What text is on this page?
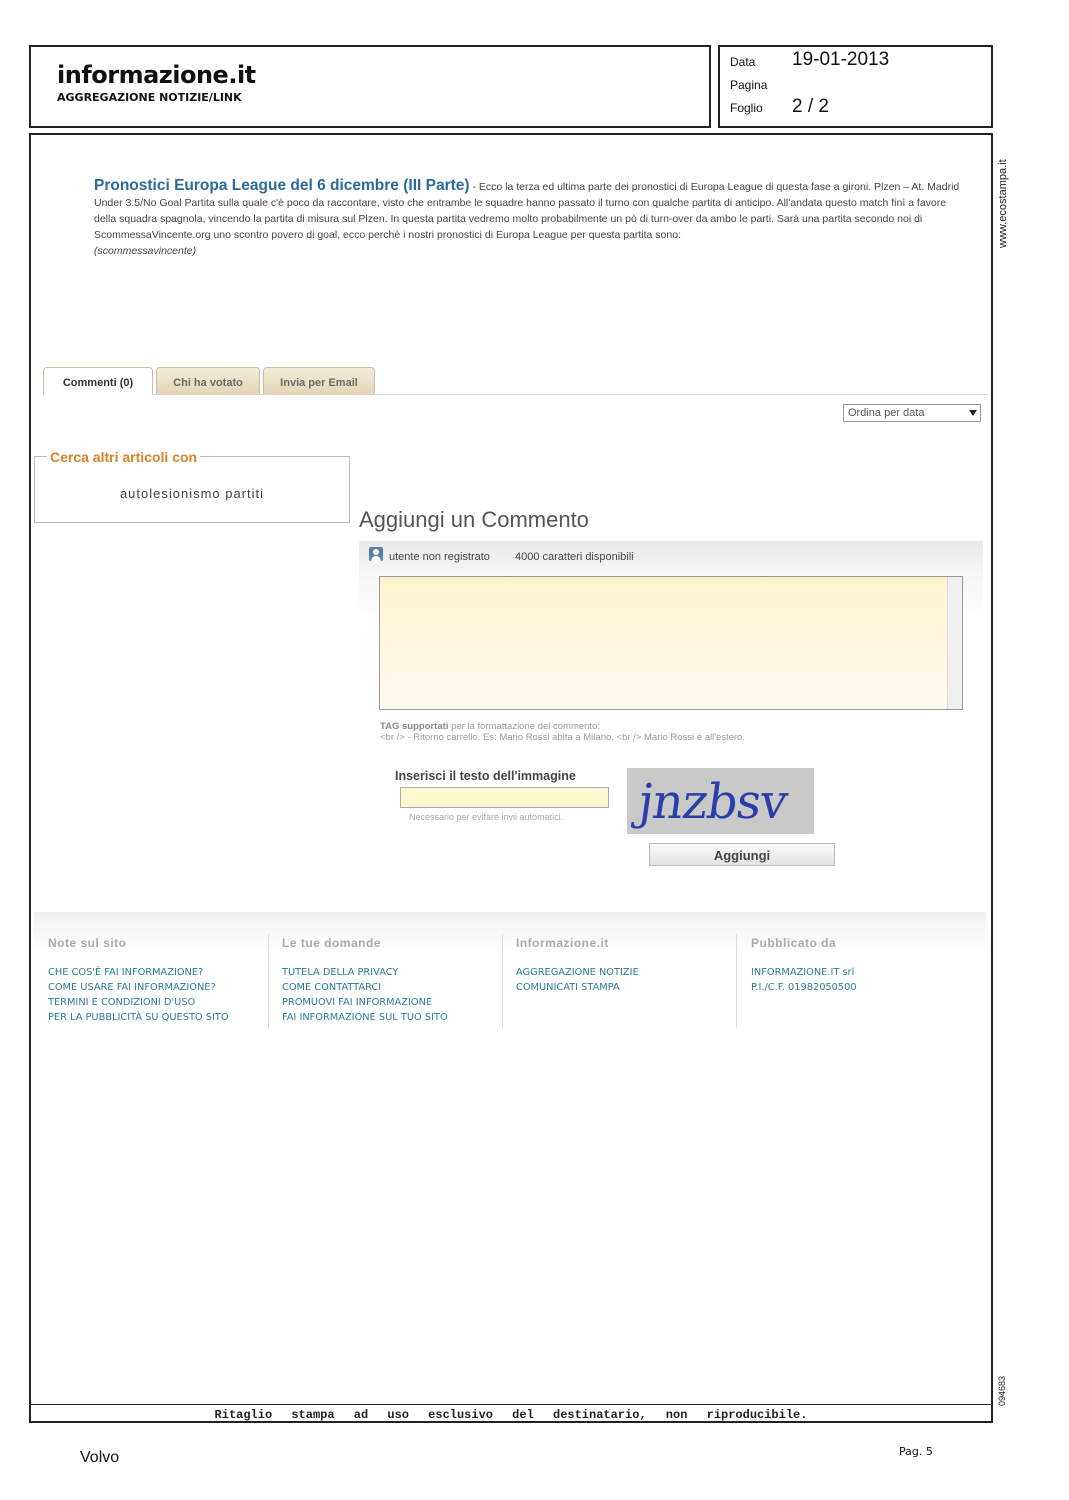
informazione.it
AGGREGAZIONE NOTIZIE/LINK
Data 19-01-2013
Pagina
Foglio 2 / 2
www.ecostampa.it
094683
Pronostici Europa League del 6 dicembre (III Parte) - Ecco la terza ed ultima parte dei pronostici di Europa League di questa fase a gironi. Plzen – At. Madrid Under 3.5/No Goal Partita sulla quale c'è poco da raccontare, visto che entrambe le squadre hanno passato il turno con qualche partita di anticipo. All'andata questo match finì a favore della squadra spagnola, vincendo la partita di misura sul Plzen. In questa partita vedremo molto probabilmente un pò di turn-over da ambo le parti. Sarà una partita secondo noi di ScommessaVincente.org uno scontro povero di goal, ecco perchè i nostri pronostici di Europa League per questa partita sono:
(scommessavincente)
Commenti (0)	Chi ha votato	Invia per Email
Ordina per data
Cerca altri articoli con
autolesionismo partiti
Aggiungi un Commento
utente non registrato 4000 caratteri disponibili
TAG supportati per la formattazione del commento:
<br /> - Ritorno carrello. Es: Mario Rossi abita a Milano. <br /> Mario Rossi è all'estero.
Inserisci il testo dell'immagine
Necessario per evitare invii automatici. jnzbsv
Aggiungi
Note sul sito
CHE COS'È FAI INFORMAZIONE?
COME USARE FAI INFORMAZIONE?
TERMINI E CONDIZIONI D'USO
PER LA PUBBLICITÀ SU QUESTO SITO
Le tue domande
TUTELA DELLA PRIVACY
COME CONTATTARCI
PROMUOVI FAI INFORMAZIONE
FAI INFORMAZIONE SUL TUO SITO
Informazione.it
AGGREGAZIONE NOTIZIE
COMUNICATI STAMPA
Pubblicato da
INFORMAZIONE.IT srl
P.I./C.F. 01982050500
Ritaglio stampa ad uso esclusivo del destinatario, non riproducibile.
Volvo	Pag. 5
